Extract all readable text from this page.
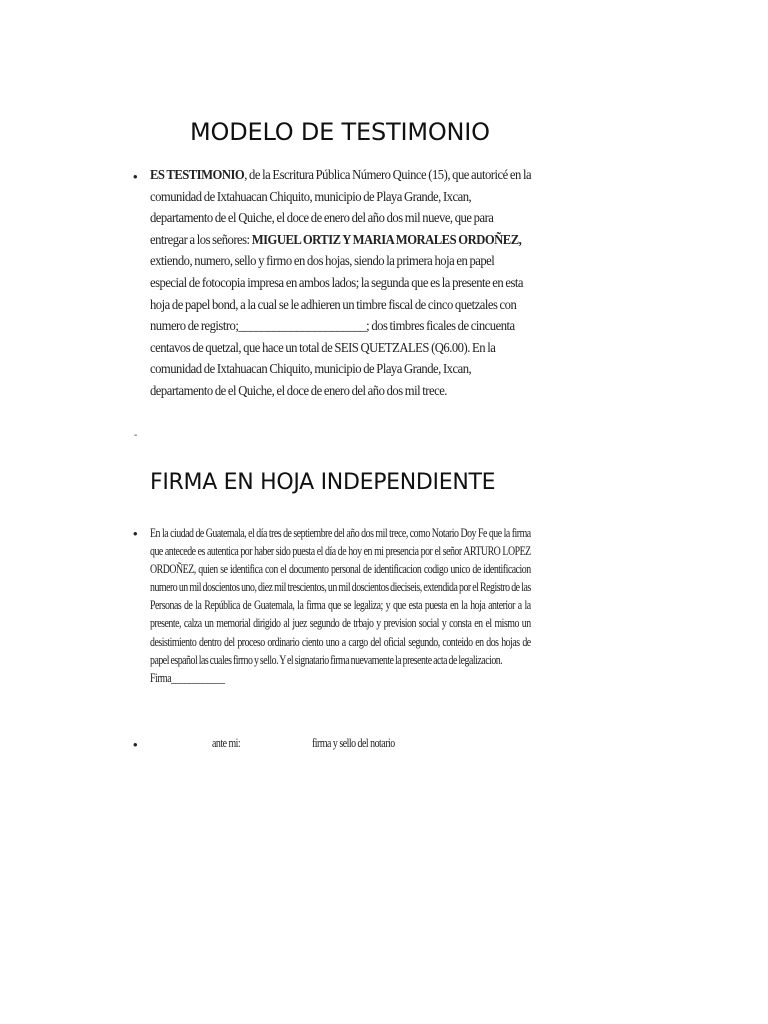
MODELO DE TESTIMONIO
• ES TESTIMONIO, de la Escritura Pública Número Quince (15), que autoricé en la comunidad de Ixtahuacan Chiquito, municipio de Playa Grande, Ixcan, departamento de el Quiche, el doce de enero del año dos mil nueve, que para entregar a los señores: MIGUEL ORTIZ Y MARIA MORALES ORDOÑEZ, extiendo, numero, sello y firmo en dos hojas, siendo la primera hoja en papel especial de fotocopia impresa en ambos lados; la segunda que es la presente en esta hoja de papel bond, a la cual se le adhieren un timbre fiscal de cinco quetzales con numero de registro;______________________; dos timbres ficales de cincuenta centavos de quetzal, que hace un total de SEIS QUETZALES (Q6.00). En la comunidad de Ixtahuacan Chiquito, municipio de Playa Grande, Ixcan, departamento de el Quiche, el doce de enero del año dos mil trece.

-
FIRMA EN HOJA INDEPENDIENTE
• En la ciudad de Guatemala, el día tres de septiembre del año dos mil trece, como Notario Doy Fe que la firma que antecede es autentica por haber sido puesta el día de hoy en mi presencia por el señor ARTURO LOPEZ ORDOÑEZ, quien se identifica con el documento personal de identificacion codigo unico de identificacion numero un mil doscientos uno, diez mil trescientos, un mil doscientos dieciseis, extendida por el Registro de las Personas de la República de Guatemala, la firma que se legaliza; y que esta puesta en la hoja anterior a la presente, calza un memorial dirigido al juez segundo de trbajo y prevision social y consta en el mismo un desistimiento dentro del proceso ordinario ciento uno a cargo del oficial segundo, conteido en dos hojas de papel español las cuales firmo y sello. Y el signatario firma nuevamente la presente acta de legalizacion.
Firma____________

•	ante mi:	firma y sello del notario
